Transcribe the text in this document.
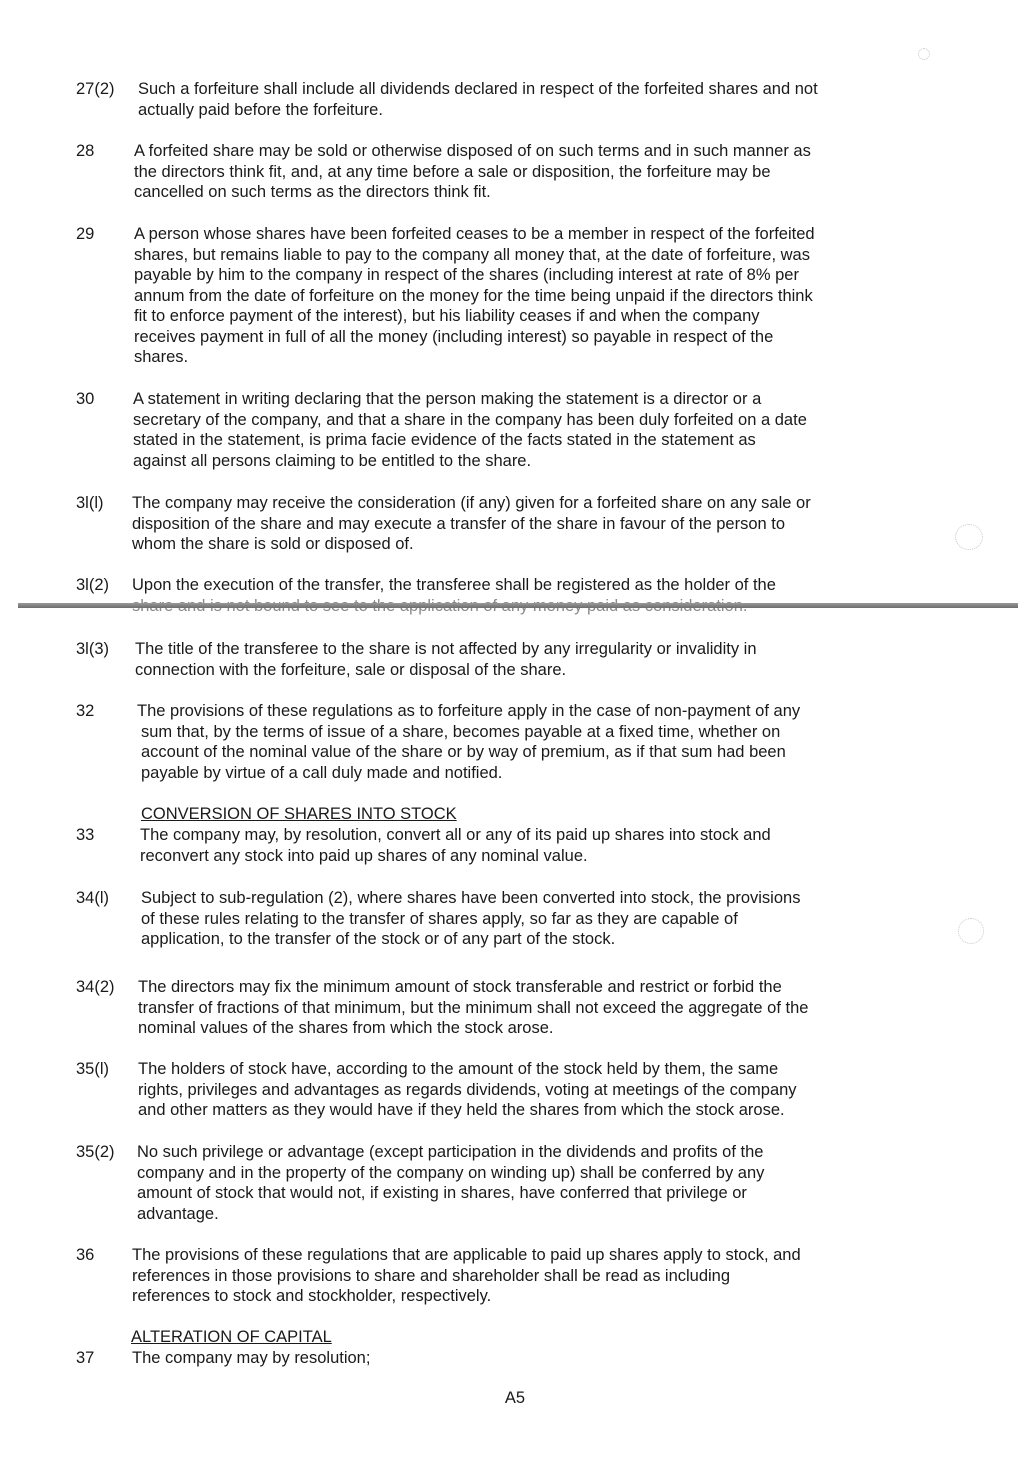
27(2) Such a forfeiture shall include all dividends declared in respect of the forfeited shares and not
actually paid before the forfeiture.
28 A forfeited share may be sold or otherwise disposed of on such terms and in such manner as
the directors think fit, and, at any time before a sale or disposition, the forfeiture may be
cancelled on such terms as the directors think fit.
29 A person whose shares have been forfeited ceases to be a member in respect of the forfeited
shares, but remains liable to pay to the company all money that, at the date of forfeiture, was
payable by him to the company in respect of the shares (including interest at rate of 8% per
annum from the date of forfeiture on the money for the time being unpaid if the directors think
fit to enforce payment of the interest), but his liability ceases if and when the company
receives payment in full of all the money (including interest) so payable in respect of the
shares.
30 A statement in writing declaring that the person making the statement is a director or a
secretary of the company, and that a share in the company has been duly forfeited on a date
stated in the statement, is prima facie evidence of the facts stated in the statement as
against all persons claiming to be entitled to the share.
3l(l) The company may receive the consideration (if any) given for a forfeited share on any sale or
disposition of the share and may execute a transfer of the share in favour of the person to
whom the share is sold or disposed of.
3l(2) Upon the execution of the transfer, the transferee shall be registered as the holder of the
3l(3) The title of the transferee to the share is not affected by any irregularity or invalidity in
connection with the forfeiture, sale or disposal of the share.
32	The provisions of these regulations as to forfeiture apply in the case of non-payment of any
sum that, by the terms of issue of a share, becomes payable at a fixed time, whether on
account of the nominal value of the share or by way of premium, as if that sum had been
payable by virtue of a call duly made and notified.
CONVERSION OF SHARES INTO STOCK
33	The company may, by resolution, convert all or any of its paid up shares into stock and
reconvert any stock into paid up shares of any nominal value.
34(l) Subject to sub-regulation (2), where shares have been converted into stock, the provisions
of these rules relating to the transfer of shares apply, so far as they are capable of
application, to the transfer of the stock or of any part of the stock.
34(2) The directors may fix the minimum amount of stock transferable and restrict or forbid the
transfer of fractions of that minimum, but the minimum shall not exceed the aggregate of the
nominal values of the shares from which the stock arose.
35(l) The holders of stock have, according to the amount of the stock held by them, the same
rights, privileges and advantages as regards dividends, voting at meetings of the company
and other matters as they would have if they held the shares from which the stock arose.
35(2) No such privilege or advantage (except participation in the dividends and profits of the
company and in the property of the company on winding up) shall be conferred by any
amount of stock that would not, if existing in shares, have conferred that privilege or
advantage.
36 The provisions of these regulations that are applicable to paid up shares apply to stock, and
references in those provisions to share and shareholder shall be read as including
references to stock and stockholder, respectively.
ALTERATION OF CAPITAL
37 The company may by resolution;
A5
